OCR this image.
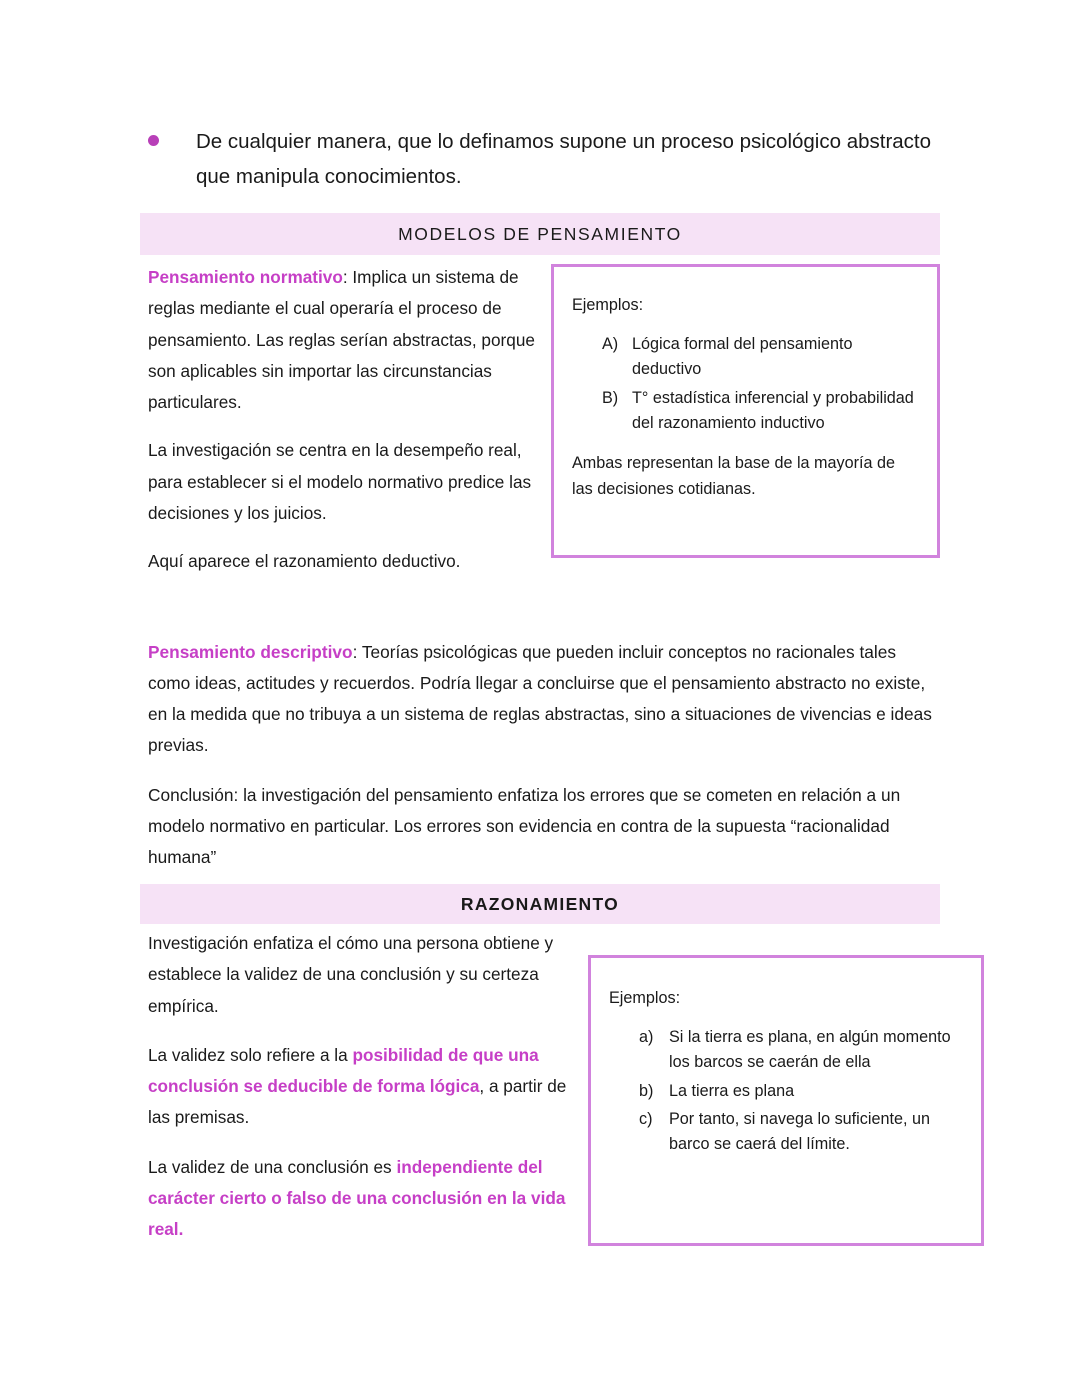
De cualquier manera, que lo definamos supone un proceso psicológico abstracto que manipula conocimientos.
MODELOS DE PENSAMIENTO

Pensamiento normativo: Implica un sistema de reglas mediante el cual operaría el proceso de pensamiento. Las reglas serían abstractas, porque son aplicables sin importar las circunstancias particulares.

La investigación se centra en la desempeño real, para establecer si el modelo normativo predice las decisiones y los juicios.

Aquí aparece el razonamiento deductivo.

Ejemplos:

A) Lógica formal del pensamiento deductivo
B) T° estadística inferencial y probabilidad del razonamiento inductivo

Ambas representan la base de la mayoría de las decisiones cotidianas.

Pensamiento descriptivo: Teorías psicológicas que pueden incluir conceptos no racionales tales como ideas, actitudes y recuerdos. Podría llegar a concluirse que el pensamiento abstracto no existe, en la medida que no tribuya a un sistema de reglas abstractas, sino a situaciones de vivencias e ideas previas.

Conclusión: la investigación del pensamiento enfatiza los errores que se cometen en relación a un modelo normativo en particular. Los errores son evidencia en contra de la supuesta “racionalidad humana”

RAZONAMIENTO

Investigación enfatiza el cómo una persona obtiene y establece la validez de una conclusión y su certeza empírica.

La validez solo refiere a la posibilidad de que una conclusión se deducible de forma lógica, a partir de las premisas.

La validez de una conclusión es independiente del carácter cierto o falso de una conclusión en la vida real.

Ejemplos:

a) Si la tierra es plana, en algún momento los barcos se caerán de ella
b) La tierra es plana
c)	Por tanto, si navega lo suficiente, un barco se caerá del límite.
